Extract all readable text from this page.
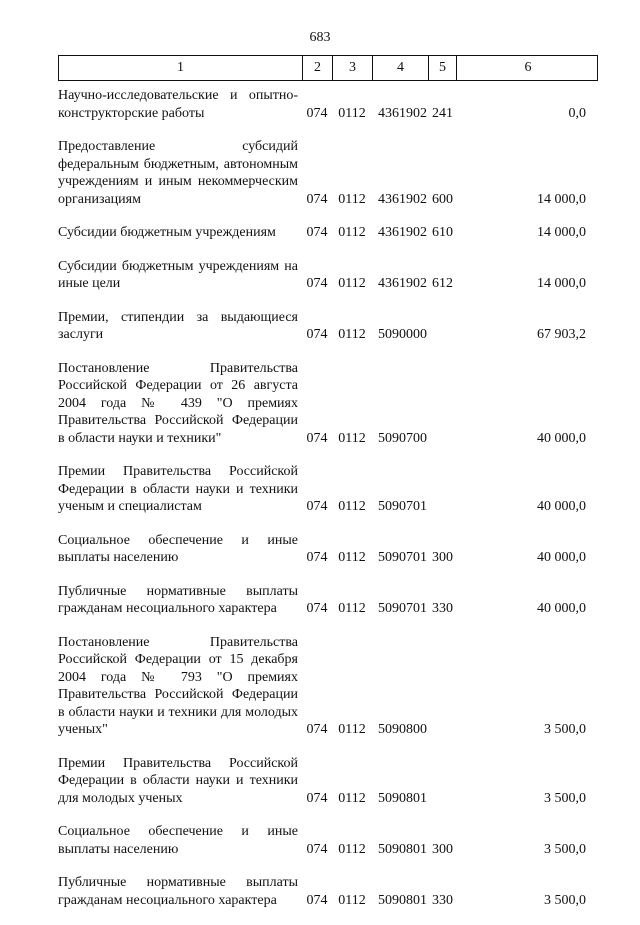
683
1	2	3	4	5	6
Научно-исследовательские и опытно-конструкторские работы	074 0112 4361902 241	0,0
Предоставление субсидий федеральным бюджетным, автономным учреждениям и иным некоммерческим организациям	074 0112 4361902 600	14 000,0
Субсидии бюджетным учреждениям	074 0112 4361902 610	14 000,0
Субсидии бюджетным учреждениям на иные цели	074 0112 4361902 612	14 000,0
Премии, стипендии за выдающиеся заслуги	074 0112 5090000	67 903,2
Постановление Правительства Российской Федерации от 26 августа 2004 года № 439 "О премиях Правительства Российской Федерации в области науки и техники"	074 0112 5090700	40 000,0
Премии Правительства Российской Федерации в области науки и техники ученым и специалистам	074 0112 5090701	40 000,0
Социальное обеспечение и иные выплаты населению	074 0112 5090701 300	40 000,0
Публичные нормативные выплаты гражданам несоциального характера	074 0112 5090701 330	40 000,0
Постановление Правительства Российской Федерации от 15 декабря 2004 года № 793 "О премиях Правительства Российской Федерации в области науки и техники для молодых ученых"	074 0112 5090800	3 500,0
Премии Правительства Российской Федерации в области науки и техники для молодых ученых	074 0112 5090801	3 500,0
Социальное обеспечение и иные выплаты населению	074 0112 5090801 300	3 500,0
Публичные нормативные выплаты гражданам несоциального характера	074 0112 5090801 330	3 500,0
